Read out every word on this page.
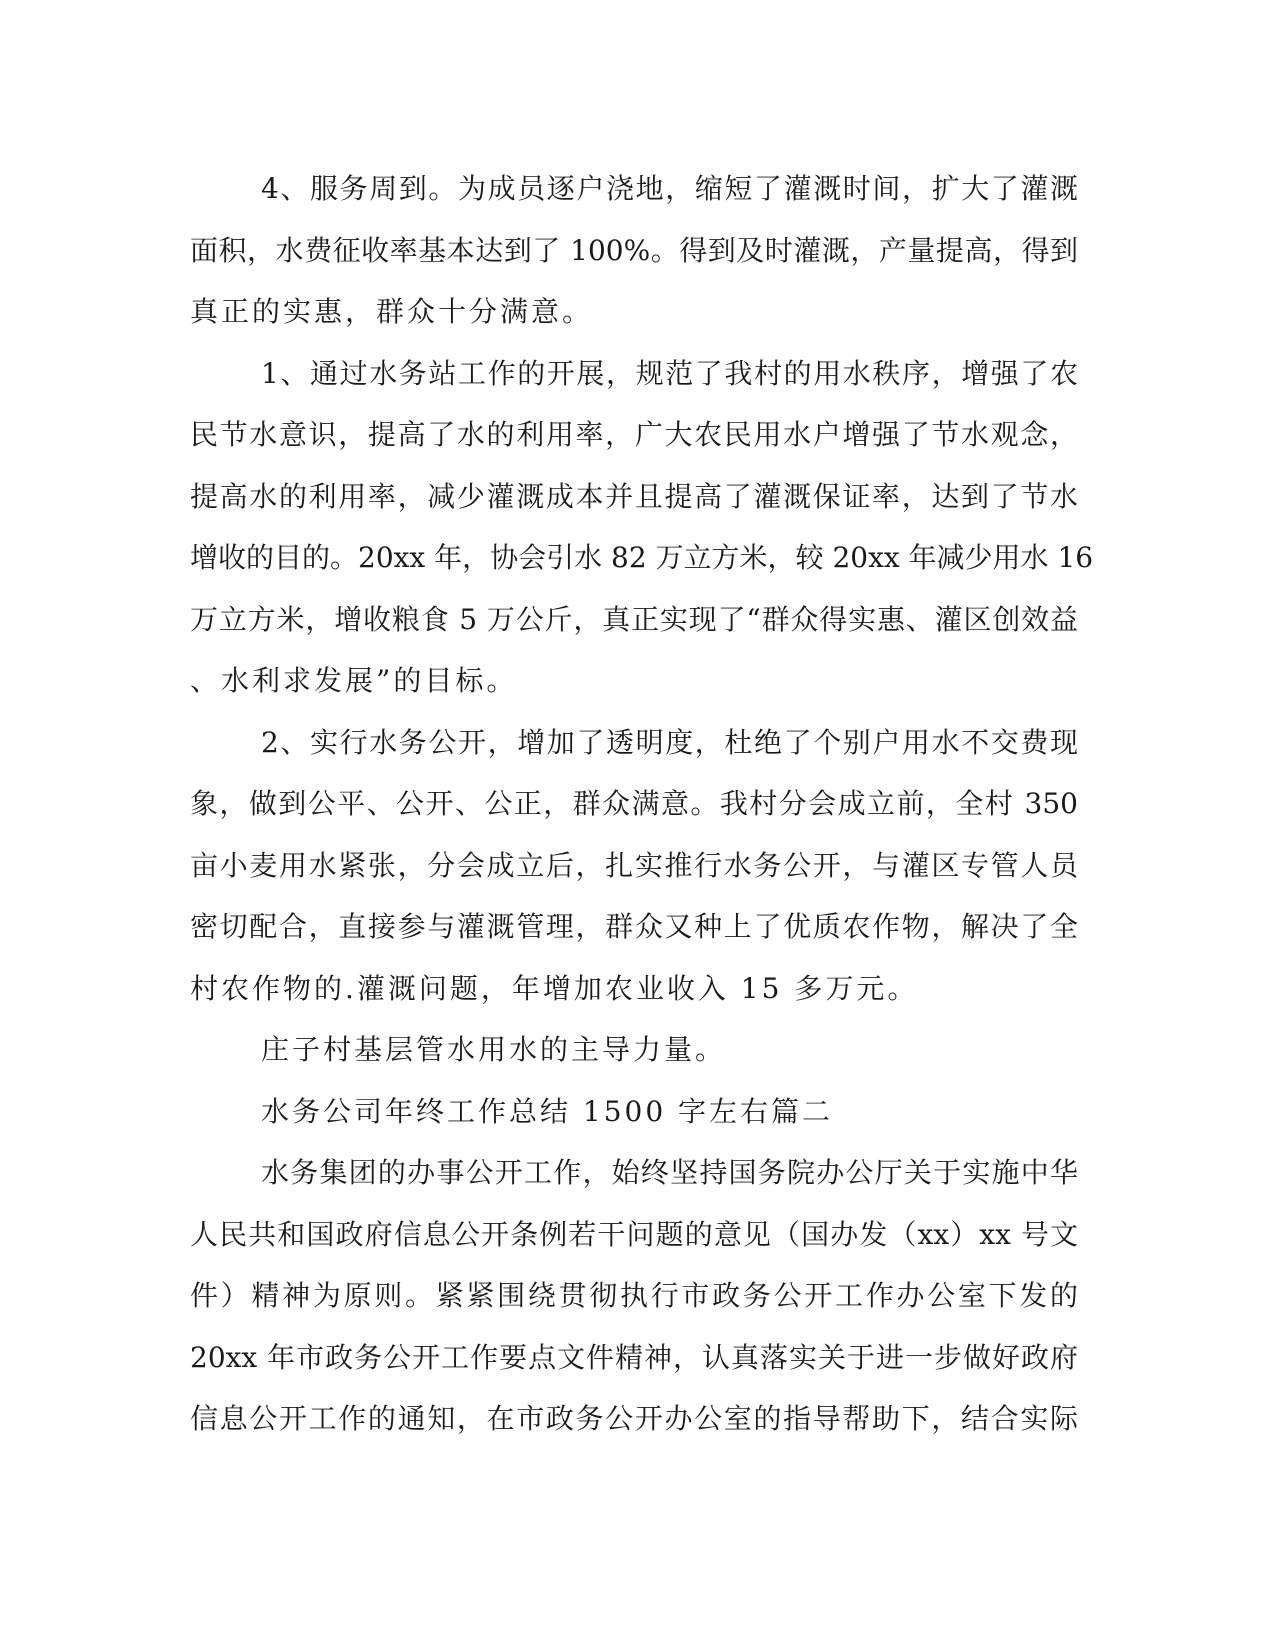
4、服务周到。为成员逐户浇地，缩短了灌溉时间，扩大了灌溉
面积，水费征收率基本达到了 100%。得到及时灌溉，产量提高，得到
真正的实惠，群众十分满意。
1、通过水务站工作的开展，规范了我村的用水秩序，增强了农
民节水意识，提高了水的利用率，广大农民用水户增强了节水观念，
提高水的利用率，减少灌溉成本并且提高了灌溉保证率，达到了节水
增收的目的。20xx 年，协会引水 82 万立方米，较 20xx 年减少用水 16
万立方米，增收粮食 5 万公斤，真正实现了“群众得实惠、灌区创效益
、水利求发展”的目标。
2、实行水务公开，增加了透明度，杜绝了个别户用水不交费现
象，做到公平、公开、公正，群众满意。我村分会成立前，全村 350
亩小麦用水紧张，分会成立后，扎实推行水务公开，与灌区专管人员
密切配合，直接参与灌溉管理，群众又种上了优质农作物，解决了全
村农作物的.灌溉问题，年增加农业收入 15 多万元。
庄子村基层管水用水的主导力量。
水务公司年终工作总结 1500 字左右篇二
水务集团的办事公开工作，始终坚持国务院办公厅关于实施中华
人民共和国政府信息公开条例若干问题的意见（国办发（xx）xx 号文
件）精神为原则。紧紧围绕贯彻执行市政务公开工作办公室下发的
20xx 年市政务公开工作要点文件精神，认真落实关于进一步做好政府
信息公开工作的通知，在市政务公开办公室的指导帮助下，结合实际
